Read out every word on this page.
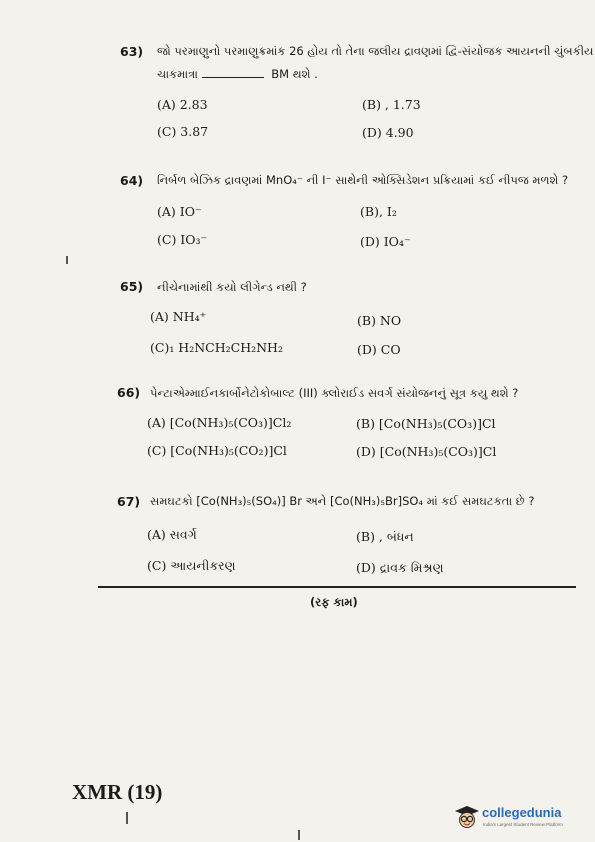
63) જો પરમાણુનો પરમાણુક્રમાંક 26 હોય તો તેના જલીય દ્રાવણમાં દ્વિ-સંયોજક આયનની ચુંબકીય
ચાકમાત્રા	BM થશે .
(A) 2.83	(B) , 1.73
(C) 3.87	(D) 4.90
64) નિર્બળ બેઝિક દ્રાવણમાં MnO₄⁻ ની I⁻ સાથેની ઓક્સિડેશન પ્રક્રિયામાં કઈ નીપજ મળશે ?
(A) IO⁻	(B), I₂
(C) IO₃⁻	(D) IO₄⁻
65) નીચેનામાંથી કયો લીગેન્ડ નથી ?
(A) NH₄⁺	(B) NO
(C)₁ H₂NCH₂CH₂NH₂	(D) CO
66) પેન્ટાએમ્માઈનકાર્બોનેટોકોબાલ્ટ (III) ક્લોરાઈડ સવર્ગ સંયોજનનું સૂત્ર કયુ થશે ?
(A) [Co(NH₃)₅(CO₃)]Cl₂	(B) [Co(NH₃)₅(CO₃)]Cl
(C) [Co(NH₃)₅(CO₂)]Cl	(D) [Co(NH₃)₅(CO₃)]Cl
67) સમઘટકો [Co(NH₃)₅(SO₄)] Br અને [Co(NH₃)₅Br]SO₄ માં કઈ સમઘટકતા છે ?
(A) સવર્ગ	(B) , બંધન
(C) આયનીકરણ	(D) દ્રાવક મિશ્રણ
(રફ કામ)
XMR (19)
collegedunia
India's Largest Student Review Platform
